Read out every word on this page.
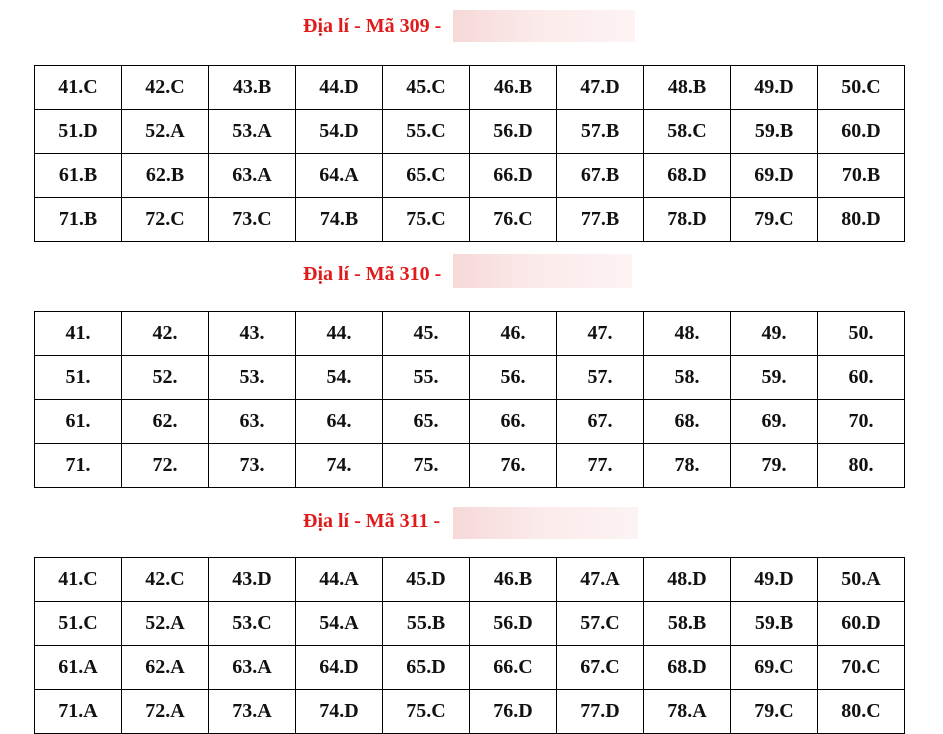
Địa lí - Mã 309 -
41.C	42.C	43.B	44.D	45.C	46.B	47.D	48.B	49.D	50.C
51.D	52.A	53.A	54.D	55.C	56.D	57.B	58.C	59.B	60.D
61.B	62.B	63.A	64.A	65.C	66.D	67.B	68.D	69.D	70.B
71.B	72.C	73.C	74.B	75.C	76.C	77.B	78.D	79.C	80.D
Địa lí - Mã 310 -
41.	42.	43.	44.	45.	46.	47.	48.	49.	50.
51.	52.	53.	54.	55.	56.	57.	58.	59.	60.
61.	62.	63.	64.	65.	66.	67.	68.	69.	70.
71.	72.	73.	74.	75.	76.	77.	78.	79.	80.
Địa lí - Mã 311 -
41.C	42.C	43.D	44.A	45.D	46.B	47.A	48.D	49.D	50.A
51.C	52.A	53.C	54.A	55.B	56.D	57.C	58.B	59.B	60.D
61.A	62.A	63.A	64.D	65.D	66.C	67.C	68.D	69.C	70.C
71.A	72.A	73.A	74.D	75.C	76.D	77.D	78.A	79.C	80.C
